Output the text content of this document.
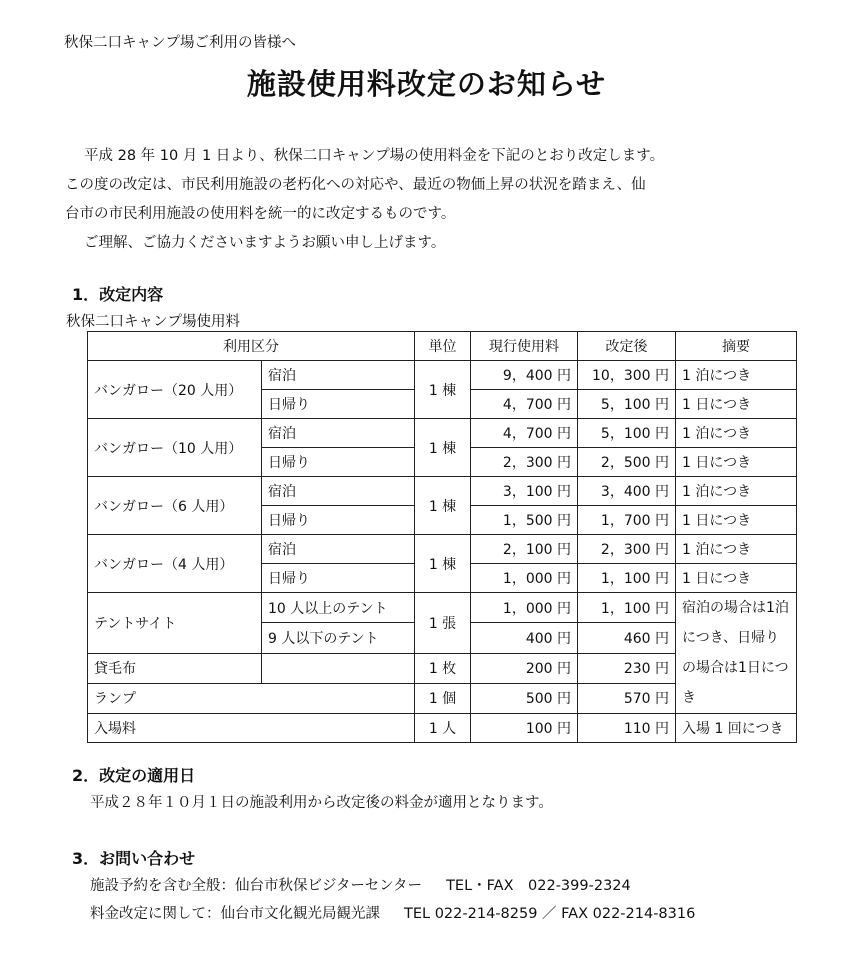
秋保二口キャンプ場ご利用の皆様へ
施設使用料改定のお知らせ
平成 28 年 10 月 1 日より、秋保二口キャンプ場の使用料金を下記のとおり改定します。
この度の改定は、市民利用施設の老朽化への対応や、最近の物価上昇の状況を踏まえ、仙
台市の市民利用施設の使用料を統一的に改定するものです。
ご理解、ご協力くださいますようお願い申し上げます。
1．改定内容
秋保二口キャンプ場使用料
利用区分		単位	現行使用料	改定後	摘要
バンガロー（20 人用）	宿泊	1 棟	9，400 円	10，300 円	1 泊につき
	日帰り		4，700 円	5，100 円	1 日につき
バンガロー（10 人用）	宿泊	1 棟	4，700 円	5，100 円	1 泊につき
	日帰り		2，300 円	2，500 円	1 日につき
バンガロー（6 人用）	宿泊	1 棟	3，100 円	3，400 円	1 泊につき
	日帰り		1，500 円	1，700 円	1 日につき
バンガロー（4 人用）	宿泊	1 棟	2，100 円	2，300 円	1 泊につき
	日帰り		1，000 円	1，100 円	1 日につき
テントサイト	10 人以上のテント	1 張	1，000 円	1，100 円	宿泊の場合は1泊につき、日帰りの場合は1日につき
	9 人以下のテント		400 円	460 円	
貸毛布		1 枚	200 円	230 円	
ランプ		1 個	500 円	570 円	
入場料		1 人	100 円	110 円	入場 1 回につき
2．改定の適用日
平成２８年１０月１日の施設利用から改定後の料金が適用となります。
3．お問い合わせ
施設予約を含む全般：仙台市秋保ビジターセンター TEL・FAX　022-399-2324
料金改定に関して：仙台市文化観光局観光課 TEL 022-214-8259 ／ FAX 022-214-8316
